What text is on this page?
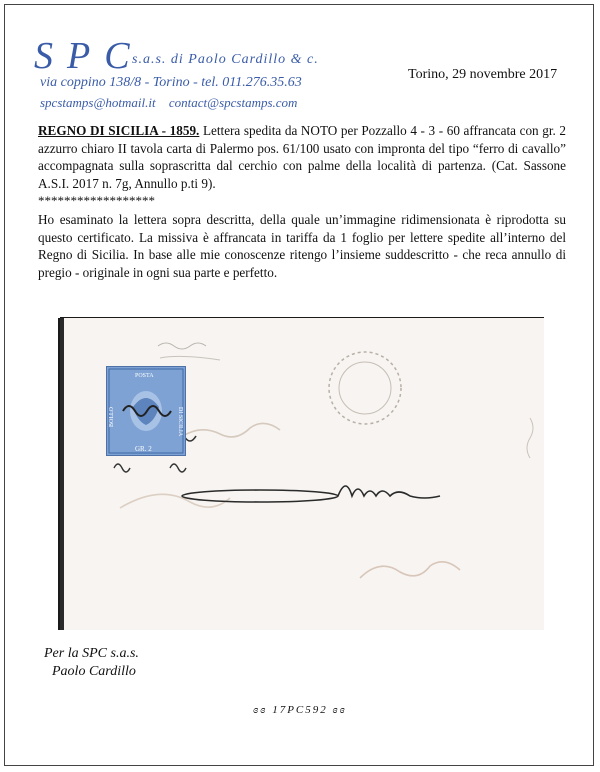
SPC
s.a.s. di Paolo Cardillo & c.
via coppino 138/8 - Torino - tel. 011.276.35.63
spcstamps@hotmail.it contact@spcstamps.com
Torino, 29 novembre 2017
REGNO DI SICILIA - 1859. Lettera spedita da NOTO per Pozzallo 4 - 3 - 60 affrancata con gr. 2 azzurro chiaro II tavola carta di Palermo pos. 61/100 usato con impronta del tipo “ferro di cavallo” accompagnata sulla soprascritta dal cerchio con palme della località di partenza. (Cat. Sassone A.S.I. 2017 n. 7g, Annullo p.ti 9).
******************
Ho esaminato la lettera sopra descritta, della quale un’immagine ridimensionata è riprodotta su questo certificato. La missiva è affrancata in tariffa da 1 foglio per lettere spedite all’interno del Regno di Sicilia. In base alle mie conoscenze ritengo l’insieme suddescritto - che reca annullo di pregio - originale in ogni sua parte e perfetto.
POSTA
DI SICILIA
BOLLO
GR. 2
Per la SPC s.a.s.
Paolo Cardillo
ɞɞ 17PC592 ɞɞ
